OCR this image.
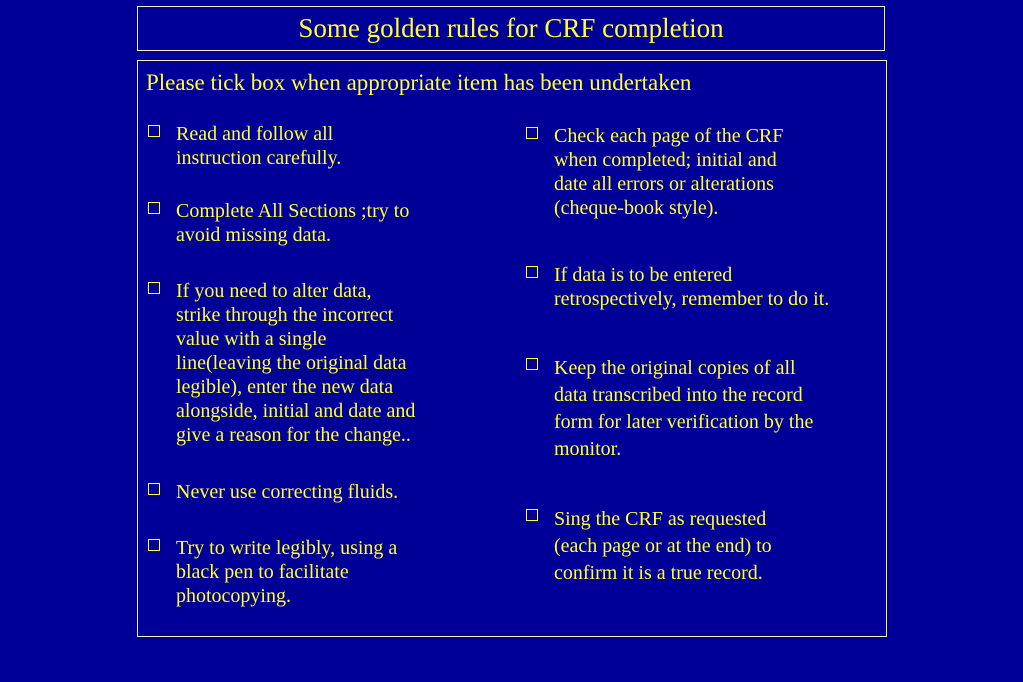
Some golden rules for CRF completion
Please tick box when appropriate item has been undertaken
Read and follow all
instruction carefully.
Complete All Sections ;try to
avoid missing data.
If you need to alter data,
strike through the incorrect
value with a single
line(leaving the original data
legible), enter the new data
alongside, initial and date and
give a reason for the change..
Never use correcting fluids.
Try to write legibly, using a
black pen to facilitate
photocopying.
Check each page of the CRF
when completed; initial and
date all errors or alterations
(cheque-book style).
If data is to be entered
retrospectively, remember to do it.
Keep the original copies of all
data transcribed into the record
form for later verification by the
monitor.
Sing the CRF as requested
(each page or at the end) to
confirm it is a true record.
